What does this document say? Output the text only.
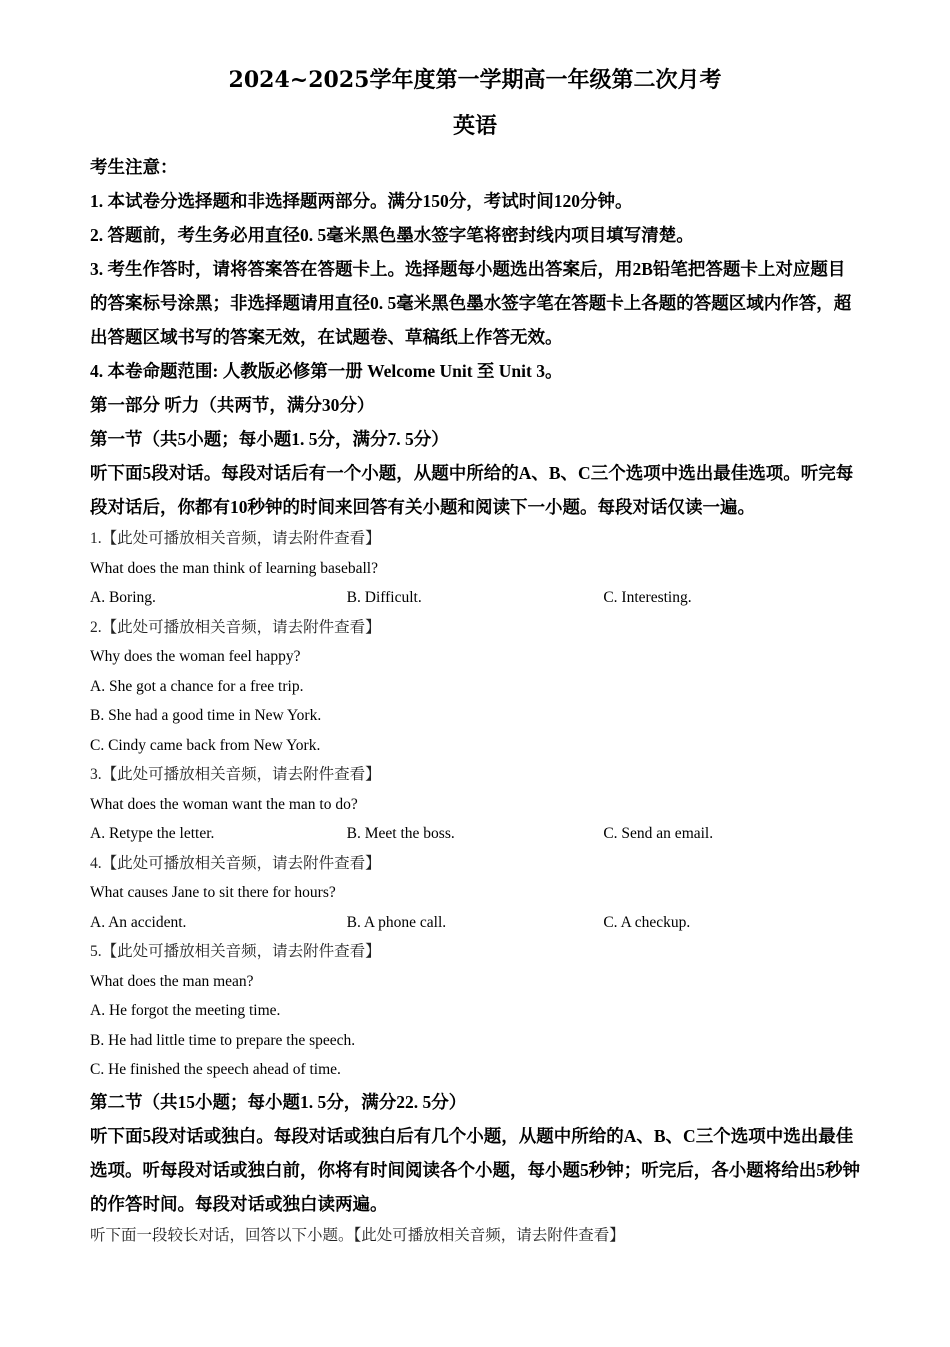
2024~2025学年度第一学期高一年级第二次月考
英语

考生注意：

1. 本试卷分选择题和非选择题两部分。满分150分，考试时间120分钟。

2. 答题前，考生务必用直径0. 5毫米黑色墨水签字笔将密封线内项目填写清楚。

3. 考生作答时，请将答案答在答题卡上。选择题每小题选出答案后，用2B铅笔把答题卡上对应题目的答案标号涂黑；非选择题请用直径0. 5毫米黑色墨水签字笔在答题卡上各题的答题区域内作答，超出答题区域书写的答案无效，在试题卷、草稿纸上作答无效。

4. 本卷命题范围: 人教版必修第一册 Welcome Unit 至 Unit 3。

第一部分 听力（共两节，满分30分）

第一节（共5小题；每小题1. 5分，满分7. 5分）

听下面5段对话。每段对话后有一个小题，从题中所给的A、B、C三个选项中选出最佳选项。听完每段对话后，你都有10秒钟的时间来回答有关小题和阅读下一小题。每段对话仅读一遍。

1.【此处可播放相关音频，请去附件查看】

What does the man think of learning baseball?

A. Boring.	B. Difficult.	C. Interesting.

2.【此处可播放相关音频，请去附件查看】

Why does the woman feel happy?

A. She got a chance for a free trip.

B. She had a good time in New York.

C. Cindy came back from New York.

3.【此处可播放相关音频，请去附件查看】

What does the woman want the man to do?

A. Retype the letter.	B. Meet the boss.	C. Send an email.

4.【此处可播放相关音频，请去附件查看】

What causes Jane to sit there for hours?

A. An accident.	B. A phone call.	C. A checkup.

5.【此处可播放相关音频，请去附件查看】

What does the man mean?

A. He forgot the meeting time.

B. He had little time to prepare the speech.

C. He finished the speech ahead of time.

第二节（共15小题；每小题1. 5分，满分22. 5分）

听下面5段对话或独白。每段对话或独白后有几个小题，从题中所给的A、B、C三个选项中选出最佳选项。听每段对话或独白前，你将有时间阅读各个小题，每小题5秒钟；听完后，各小题将给出5秒钟的作答时间。每段对话或独白读两遍。

听下面一段较长对话，回答以下小题。【此处可播放相关音频，请去附件查看】
